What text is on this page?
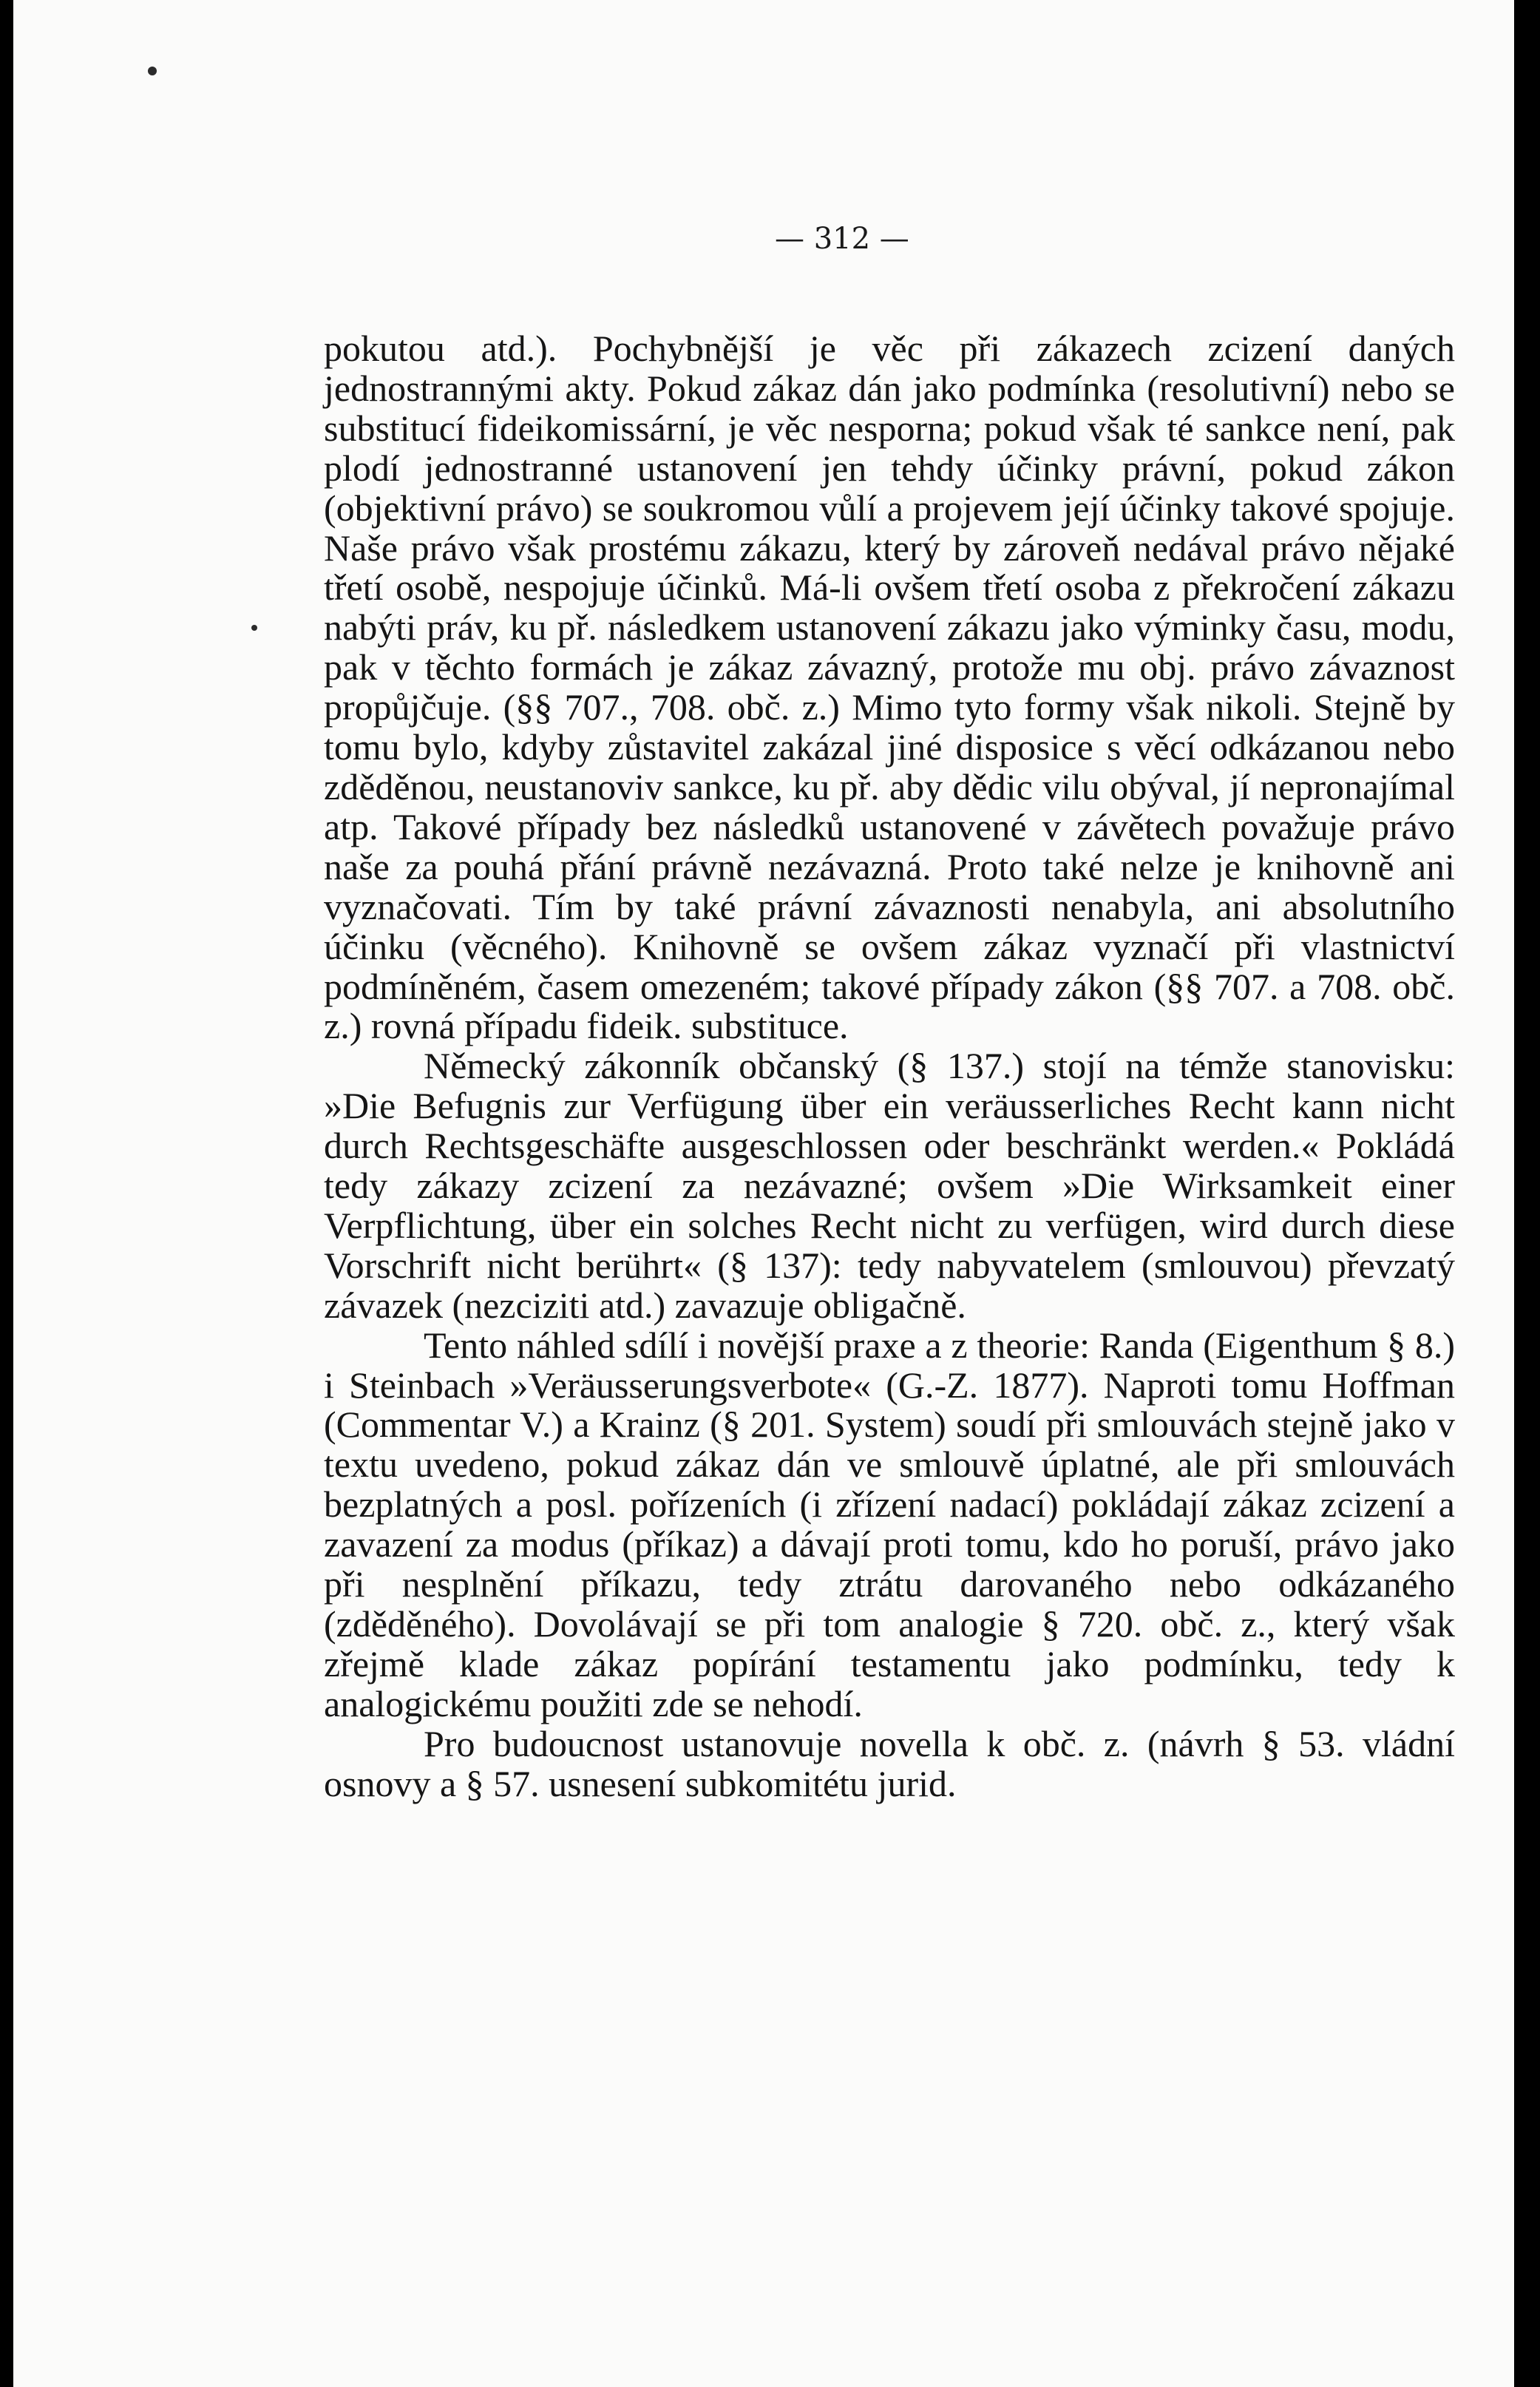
— 312 —

pokutou atd.). Pochybnější je věc při zákazech zcizení daných jednostrannými akty. Pokud zákaz dán jako podmínka (resolutivní) nebo se substitucí fideikomissární, je věc nesporna; pokud však té sankce není, pak plodí jednostranné ustanovení jen tehdy účinky právní, pokud zákon (objektivní právo) se soukromou vůlí a projevem její účinky takové spojuje. Naše právo však prostému zákazu, který by zároveň nedával právo nějaké třetí osobě, nespojuje účinků. Má-li ovšem třetí osoba z překročení zákazu nabýti práv, ku př. následkem ustanovení zákazu jako výminky času, modu, pak v těchto formách je zákaz závazný, protože mu obj. právo závaznost propůjčuje. (§§ 707., 708. obč. z.) Mimo tyto formy však nikoli. Stejně by tomu bylo, kdyby zůstavitel zakázal jiné disposice s věcí odkázanou nebo zděděnou, neustanoviv sankce, ku př. aby dědic vilu obýval, jí nepronajímal atp. Takové případy bez následků ustanovené v závětech považuje právo naše za pouhá přání právně nezávazná. Proto také nelze je knihovně ani vyznačovati. Tím by také právní závaznosti nenabyla, ani absolutního účinku (věcného). Knihovně se ovšem zákaz vyznačí při vlastnictví podmíněném, časem omezeném; takové případy zákon (§§ 707. a 708. obč. z.) rovná případu fideik. substituce.

Německý zákonník občanský (§ 137.) stojí na témže stanovisku: »Die Befugnis zur Verfügung über ein veräusserliches Recht kann nicht durch Rechtsgeschäfte ausgeschlossen oder beschränkt werden.« Pokládá tedy zákazy zcizení za nezávazné; ovšem »Die Wirksamkeit einer Verpflichtung, über ein solches Recht nicht zu verfügen, wird durch diese Vorschrift nicht berührt« (§ 137): tedy nabyvatelem (smlouvou) převzatý závazek (nezciziti atd.) zavazuje obligačně.

Tento náhled sdílí i novější praxe a z theorie: Randa (Eigenthum § 8.) i Steinbach »Veräusserungsverbote« (G.-Z. 1877). Naproti tomu Hoffman (Commentar V.) a Krainz (§ 201. System) soudí při smlouvách stejně jako v textu uvedeno, pokud zákaz dán ve smlouvě úplatné, ale při smlouvách bezplatných a posl. pořízeních (i zřízení nadací) pokládají zákaz zcizení a zavazení za modus (příkaz) a dávají proti tomu, kdo ho poruší, právo jako při nesplnění příkazu, tedy ztrátu darovaného nebo odkázaného (zděděného). Dovolávají se při tom analogie § 720. obč. z., který však zřejmě klade zákaz popírání testamentu jako podmínku, tedy k analogickému použiti zde se nehodí.

Pro budoucnost ustanovuje novella k obč. z. (návrh § 53. vládní osnovy a § 57. usnesení subkomitétu jurid.
